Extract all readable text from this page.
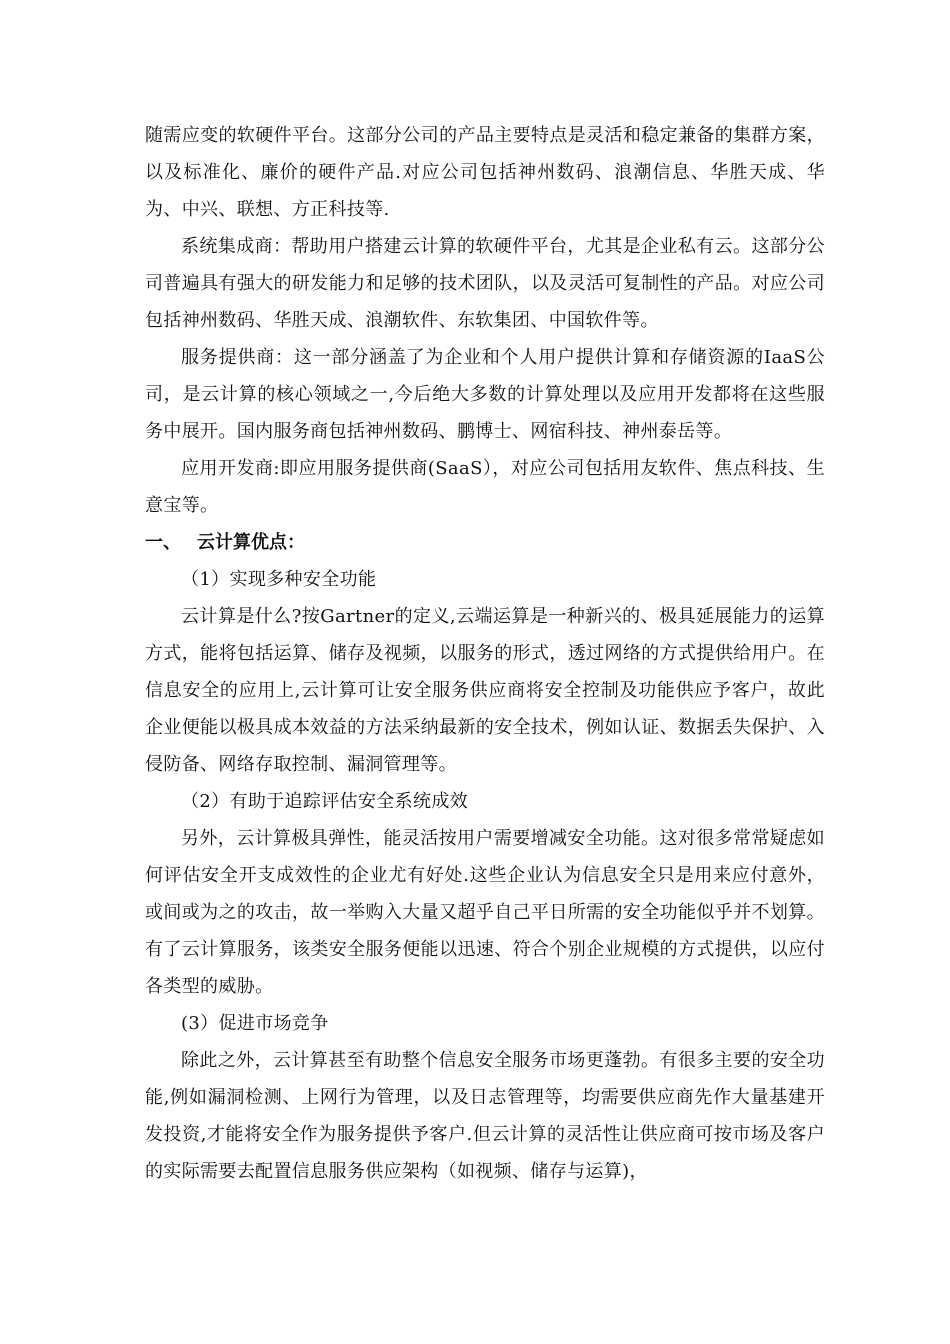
随需应变的软硬件平台。这部分公司的产品主要特点是灵活和稳定兼备的集群方案，以及标准化、廉价的硬件产品.对应公司包括神州数码、浪潮信息、华胜天成、华为、中兴、联想、方正科技等.

系统集成商：帮助用户搭建云计算的软硬件平台，尤其是企业私有云。这部分公司普遍具有强大的研发能力和足够的技术团队，以及灵活可复制性的产品。对应公司包括神州数码、华胜天成、浪潮软件、东软集团、中国软件等。

服务提供商：这一部分涵盖了为企业和个人用户提供计算和存储资源的IaaS公司，是云计算的核心领域之一,今后绝大多数的计算处理以及应用开发都将在这些服务中展开。国内服务商包括神州数码、鹏博士、网宿科技、神州泰岳等。

应用开发商:即应用服务提供商(SaaS），对应公司包括用友软件、焦点科技、生意宝等。

一、 云计算优点：

（1）实现多种安全功能

云计算是什么?按Gartner的定义,云端运算是一种新兴的、极具延展能力的运算方式，能将包括运算、储存及视频，以服务的形式，透过网络的方式提供给用户。在信息安全的应用上,云计算可让安全服务供应商将安全控制及功能供应予客户，故此企业便能以极具成本效益的方法采纳最新的安全技术，例如认证、数据丢失保护、入侵防备、网络存取控制、漏洞管理等。

（2）有助于追踪评估安全系统成效

另外，云计算极具弹性，能灵活按用户需要增减安全功能。这对很多常常疑虑如何评估安全开支成效性的企业尤有好处.这些企业认为信息安全只是用来应付意外，或间或为之的攻击，故一举购入大量又超乎自己平日所需的安全功能似乎并不划算。有了云计算服务，该类安全服务便能以迅速、符合个别企业规模的方式提供，以应付各类型的威胁。

(3）促进市场竞争

除此之外，云计算甚至有助整个信息安全服务市场更蓬勃。有很多主要的安全功能,例如漏洞检测、上网行为管理，以及日志管理等，均需要供应商先作大量基建开发投资,才能将安全作为服务提供予客户.但云计算的灵活性让供应商可按市场及客户的实际需要去配置信息服务供应架构（如视频、储存与运算)，
